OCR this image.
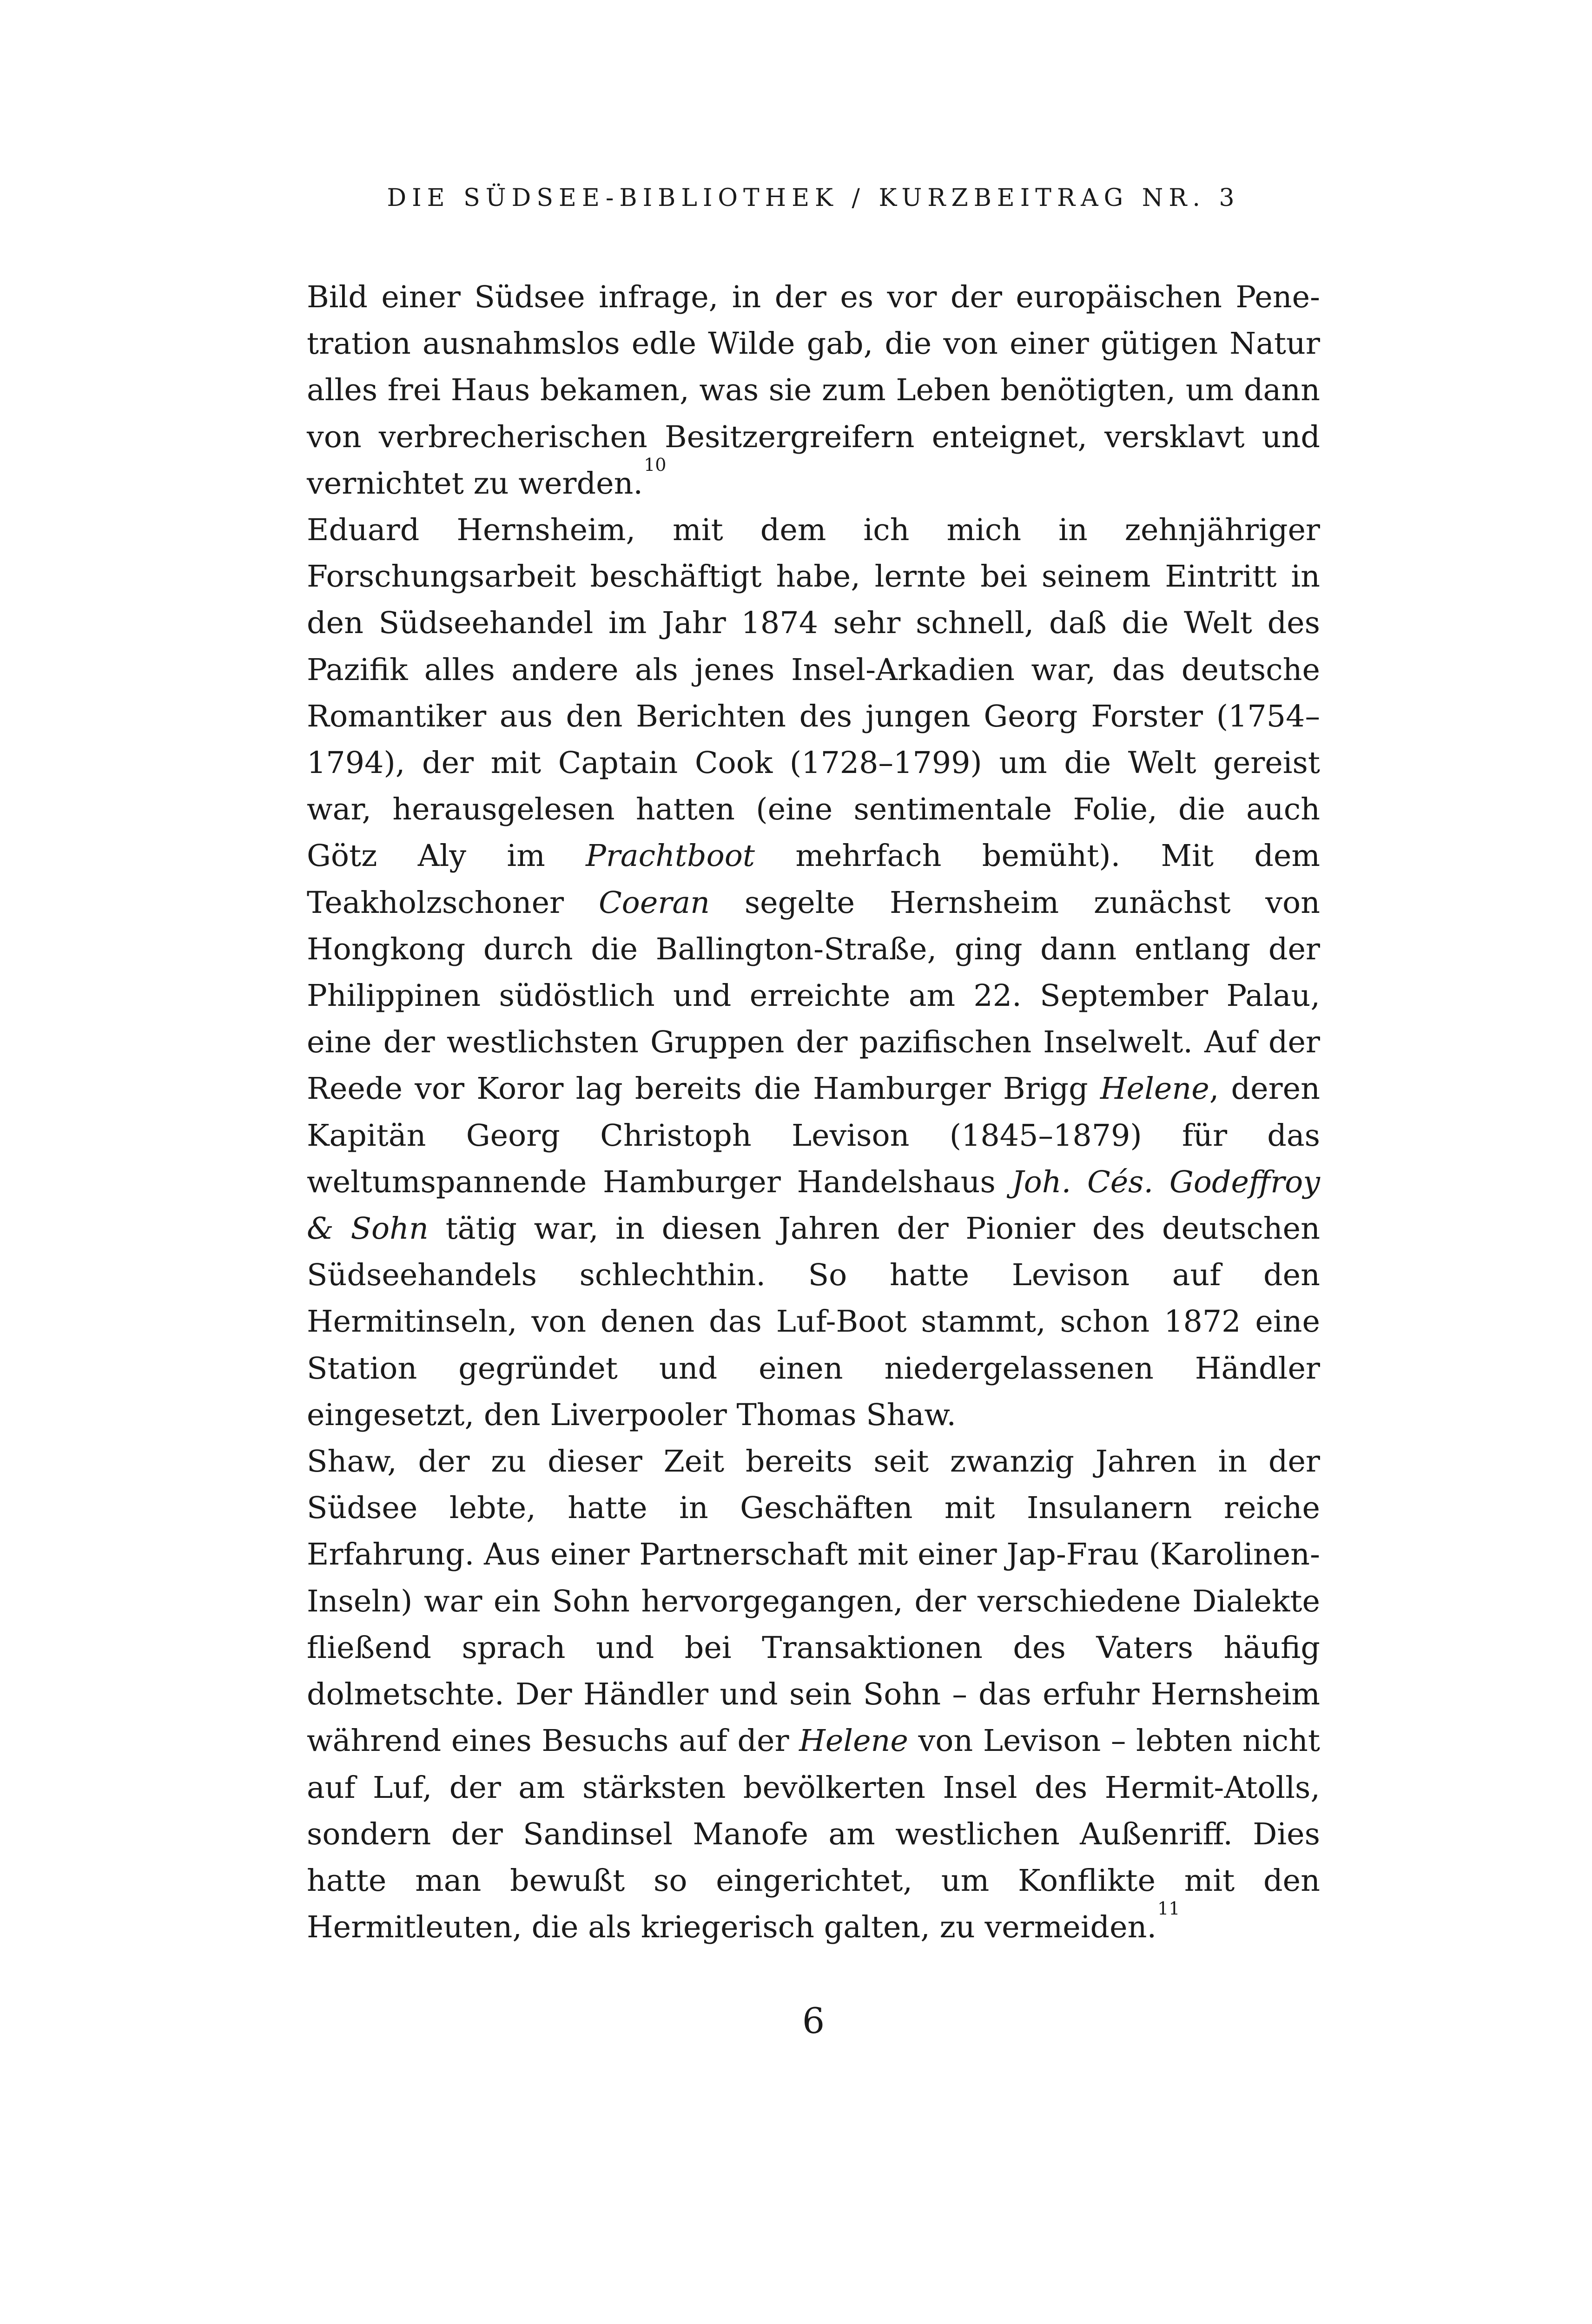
DIE SÜDSEE-BIBLIOTHEK / KURZBEITRAG NR. 3

Bild einer Südsee infrage, in der es vor der europäischen Penetration ausnahmslos edle Wilde gab, die von einer gütigen Natur alles frei Haus bekamen, was sie zum Leben benötigten, um dann von verbrecherischen Besitzergreifern enteignet, versklavt und vernichtet zu werden.$^{10}$

Eduard Hernsheim, mit dem ich mich in zehnjähriger Forschungsarbeit beschäftigt habe, lernte bei seinem Eintritt in den Südseehandel im Jahr 1874 sehr schnell, daß die Welt des Pazifik alles andere als jenes Insel-Arkadien war, das deutsche Romantiker aus den Berichten des jungen Georg Forster (1754–1794), der mit Captain Cook (1728–1799) um die Welt gereist war, herausgelesen hatten (eine sentimentale Folie, die auch Götz Aly im Prachtboot mehrfach bemüht). Mit dem Teakholzschoner Coeran segelte Hernsheim zunächst von Hongkong durch die Ballington-Straße, ging dann entlang der Philippinen südöstlich und erreichte am 22. September Palau, eine der westlichsten Gruppen der pazifischen Inselwelt. Auf der Reede vor Koror lag bereits die Hamburger Brigg Helene, deren Kapitän Georg Christoph Levison (1845–1879) für das weltumspannende Hamburger Handelshaus Joh. Cés. Godeffroy & Sohn tätig war, in diesen Jahren der Pionier des deutschen Südseehandels schlechthin. So hatte Levison auf den Hermitinseln, von denen das Luf-Boot stammt, schon 1872 eine Station gegründet und einen niedergelassenen Händler eingesetzt, den Liverpooler Thomas Shaw.

Shaw, der zu dieser Zeit bereits seit zwanzig Jahren in der Südsee lebte, hatte in Geschäften mit Insulanern reiche Erfahrung. Aus einer Partnerschaft mit einer Jap-Frau (Karolinen-Inseln) war ein Sohn hervorgegangen, der verschiedene Dialekte fließend sprach und bei Transaktionen des Vaters häufig dolmetschte. Der Händler und sein Sohn – das erfuhr Hernsheim während eines Besuchs auf der Helene von Levison – lebten nicht auf Luf, der am stärksten bevölkerten Insel des Hermit-Atolls, sondern der Sandinsel Manofe am westlichen Außenriff. Dies hatte man bewußt so eingerichtet, um Konflikte mit den Hermitleuten, die als kriegerisch galten, zu vermeiden.$^{11}$

6
